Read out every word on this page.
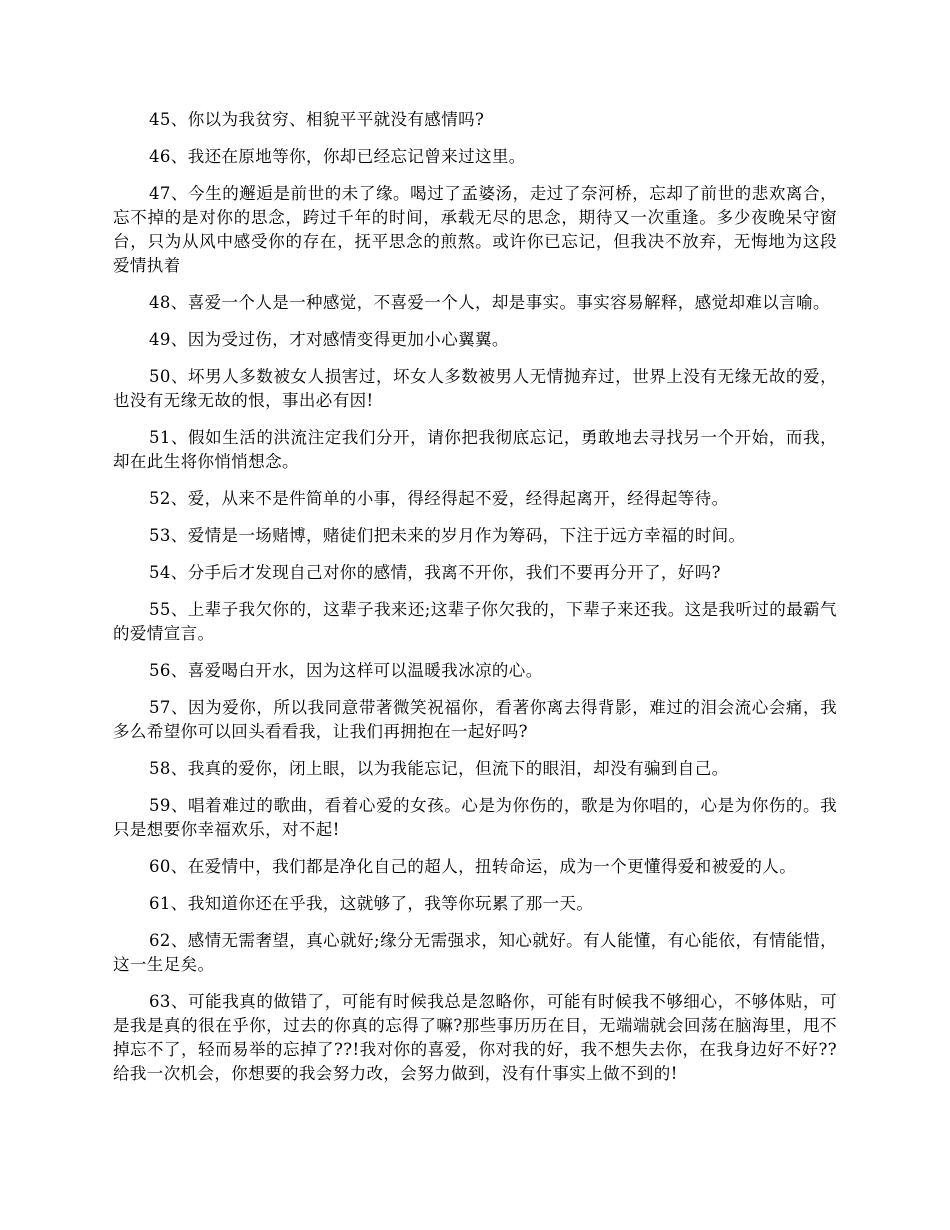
45、你以为我贫穷、相貌平平就没有感情吗?

46、我还在原地等你，你却已经忘记曾来过这里。

47、今生的邂逅是前世的未了缘。喝过了孟婆汤，走过了奈河桥，忘却了前世的悲欢离合，忘不掉的是对你的思念，跨过千年的时间，承载无尽的思念，期待又一次重逢。多少夜晚呆守窗台，只为从风中感受你的存在，抚平思念的煎熬。或许你已忘记，但我决不放弃，无悔地为这段爱情执着

48、喜爱一个人是一种感觉，不喜爱一个人，却是事实。事实容易解释，感觉却难以言喻。

49、因为受过伤，才对感情变得更加小心翼翼。

50、坏男人多数被女人损害过，坏女人多数被男人无情抛弃过，世界上没有无缘无故的爱，也没有无缘无故的恨，事出必有因!

51、假如生活的洪流注定我们分开，请你把我彻底忘记，勇敢地去寻找另一个开始，而我，却在此生将你悄悄想念。

52、爱，从来不是件简单的小事，得经得起不爱，经得起离开，经得起等待。

53、爱情是一场赌博，赌徒们把未来的岁月作为筹码，下注于远方幸福的时间。

54、分手后才发现自己对你的感情，我离不开你，我们不要再分开了，好吗?

55、上辈子我欠你的，这辈子我来还;这辈子你欠我的，下辈子来还我。这是我听过的最霸气的爱情宣言。

56、喜爱喝白开水，因为这样可以温暖我冰凉的心。

57、因为爱你，所以我同意带著微笑祝福你，看著你离去得背影，难过的泪会流心会痛，我多么希望你可以回头看看我，让我们再拥抱在一起好吗?

58、我真的爱你，闭上眼，以为我能忘记，但流下的眼泪，却没有骗到自己。

59、唱着难过的歌曲，看着心爱的女孩。心是为你伤的，歌是为你唱的，心是为你伤的。我只是想要你幸福欢乐，对不起!

60、在爱情中，我们都是净化自己的超人，扭转命运，成为一个更懂得爱和被爱的人。

61、我知道你还在乎我，这就够了，我等你玩累了那一天。

62、感情无需奢望，真心就好;缘分无需强求，知心就好。有人能懂，有心能依，有情能惜，这一生足矣。

63、可能我真的做错了，可能有时候我总是忽略你，可能有时候我不够细心，不够体贴，可是我是真的很在乎你，过去的你真的忘得了嘛?那些事历历在目，无端端就会回荡在脑海里，甩不掉忘不了，轻而易举的忘掉了??!我对你的喜爱，你对我的好，我不想失去你，在我身边好不好??给我一次机会，你想要的我会努力改，会努力做到，没有什事实上做不到的!
